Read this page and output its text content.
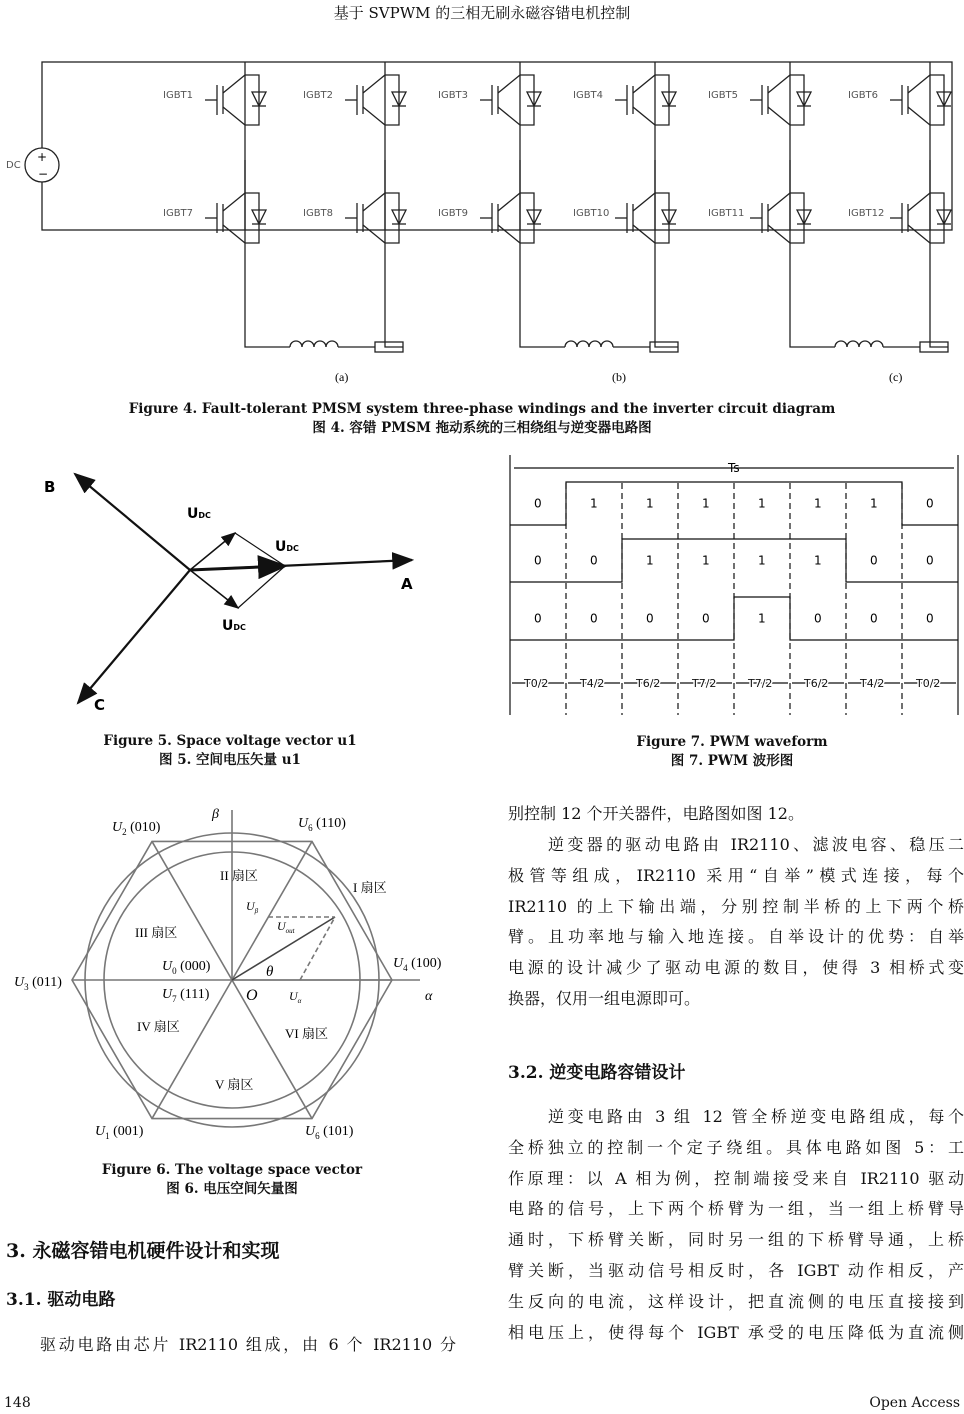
基于 SVPWM 的三相无刷永磁容错电机控制
+
−
DC
IGBT1
IGBT7
IGBT2
IGBT8
IGBT3
IGBT9
IGBT4
IGBT10
IGBT5
IGBT11
IGBT6
IGBT12
(a)	(b)	(c)
Figure 4. Fault-tolerant PMSM system three-phase windings and the inverter circuit diagram
图 4. 容错 PMSM 拖动系统的三相绕组与逆变器电路图
B
C
A
UDC
UDC
UDC
Figure 5. Space voltage vector u1
图 5. 空间电压矢量 u1
Ts
0	1	1	1	1	1	1	0
0	0	1	1	1	1	0	0
0	0	0	0	1	0	0	0
T0/2	T4/2	T6/2	T7/2	T7/2	T6/2	T4/2	T0/2
Figure 7. PWM waveform
图 7. PWM 波形图
$U_4$ (100)
$U_6$ (110)
$U_2$ (010)
$U_3$ (011)
$U_1$ (001)	$U_6$ (101)
$U_0$ (000)
$U_7$ (111)
I 扇区
II 扇区
III 扇区
IV 扇区
V 扇区
VI 扇区
α
β
O
θ
$U_\beta$
$U_{out}$
$U_\alpha$
Figure 6. The voltage space vector
图 6. 电压空间矢量图
3. 永磁容错电机硬件设计和实现
3.1. 驱动电路
驱动电路由芯片 IR2110 组成，由 6 个 IR2110 分
别控制 12 个开关器件，电路图如图 12。
逆变器的驱动电路由 IR2110、滤波电容、稳压二
极管等组成，IR2110 采用“自举”模式连接，每个
IR2110 的上下输出端，分别控制半桥的上下两个桥
臂。且功率地与输入地连接。自举设计的优势：自举
电源的设计减少了驱动电源的数目，使得 3 相桥式变
换器，仅用一组电源即可。
3.2. 逆变电路容错设计
逆变电路由 3 组 12 管全桥逆变电路组成，每个
全桥独立的控制一个定子绕组。具体电路如图 5：工
作原理：以 A 相为例，控制端接受来自 IR2110 驱动
电路的信号，上下两个桥臂为一组，当一组上桥臂导
通时，下桥臂关断，同时另一组的下桥臂导通，上桥
臂关断，当驱动信号相反时，各 IGBT 动作相反，产
生反向的电流，这样设计，把直流侧的电压直接接到
相电压上，使得每个 IGBT 承受的电压降低为直流侧
148	Open Access
